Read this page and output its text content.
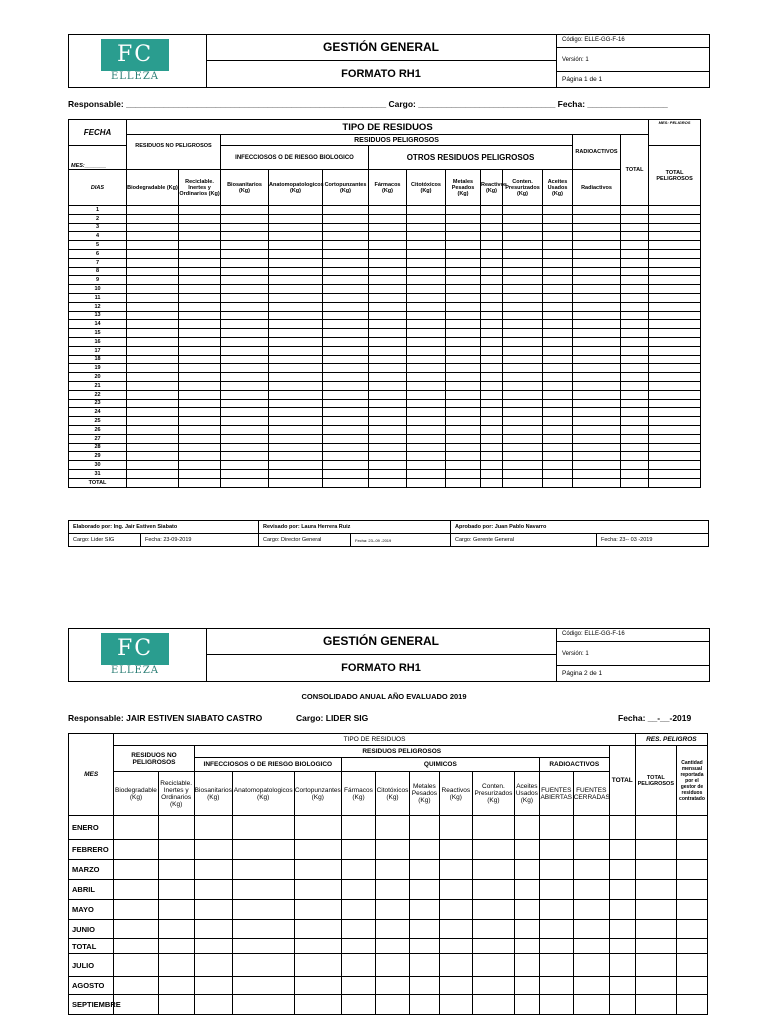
FC
ELLEZA
GESTIÓN GENERAL
FORMATO RH1
Código: ELLE-GG-F-16
Versión: 1
Página 1 de 1
Responsable: _______________________________________________________ Cargo: _____________________________ Fecha: _________________
FECHA	TIPO DE RESIDUOS													MES: PELIGROS
	RESIDUOS NO PELIGROSOS		RESIDUOS PELIGROSOS									RADIOACTIVOS	TOTAL	
MES:_______			INFECCIOSOS O DE RIESGO BIOLOGICO			OTROS RESIDUOS PELIGROSOS								TOTAL PELIGROSOS
DIAS	Biodegradable (Kg)	Reciclable. Inertes y Ordinarios (Kg)	Biosanitarios (Kg)	Anatomopatologicos (Kg)	Cortopunzantes (Kg)	Fármacos (Kg)	Citotóxicos (Kg)	Metales Pesados (Kg)	Reactivos (Kg)	Conten. Presurizados (Kg)	Aceites Usados (Kg)	Radiactivos		
1														
2														
3														
4														
5														
6														
7														
8														
9														
10														
11														
12														
13														
14														
15														
16														
17														
18														
19														
20														
21														
22														
23														
24														
25														
26														
27														
28														
29														
30														
31														
TOTAL														
Elaborado por: Ing. Jair Estiven Siabato		Revisado por: Laura Herrera Ruiz		Aprobado por: Juan Pablo Navarro	
Cargo: Lider SIG	Fecha: 23-09-2019	Cargo: Director General	Fecha: 23--09 -2019	Cargo: Gerente General	Fecha: 23-- 03 -2019
FC
ELLEZA
GESTIÓN GENERAL
FORMATO RH1
Código: ELLE-GG-F-16
Versión: 1
Página 2 de 1
CONSOLIDADO ANUAL AÑO EVALUADO 2019
Responsable: JAIR ESTIVEN SIABATO CASTRO	Cargo: LIDER SIG	Fecha: __-__-2019
MES	TIPO DE RESIDUOS														RES. PELIGROS	
	RESIDUOS NO PELIGROSOS		RESIDUOS PELIGROSOS											TOTAL	TOTAL PELIGROSOS	Cantidad mensual reportada por el gestor de residuos contratado
			INFECCIOSOS O DE RIESGO BIOLOGICO			QUIMICOS						RADIOACTIVOS				
	Biodegradable (Kg)	Reciclable. Inertes y Ordinarios (Kg)	Biosanitarios (Kg)	Anatomopatologicos (Kg)	Cortopunzantes (Kg)	Fármacos (Kg)	Citotóxicos (Kg)	Metales Pesados (Kg)	Reactivos (Kg)	Conten. Presurizados (Kg)	Aceites Usados (Kg)	FUENTES ABIERTAS	FUENTES CERRADAS			
ENERO																
FEBRERO																
MARZO																
ABRIL																
MAYO																
JUNIO																
TOTAL																
JULIO																
AGOSTO																
SEPTIEMBRE																
